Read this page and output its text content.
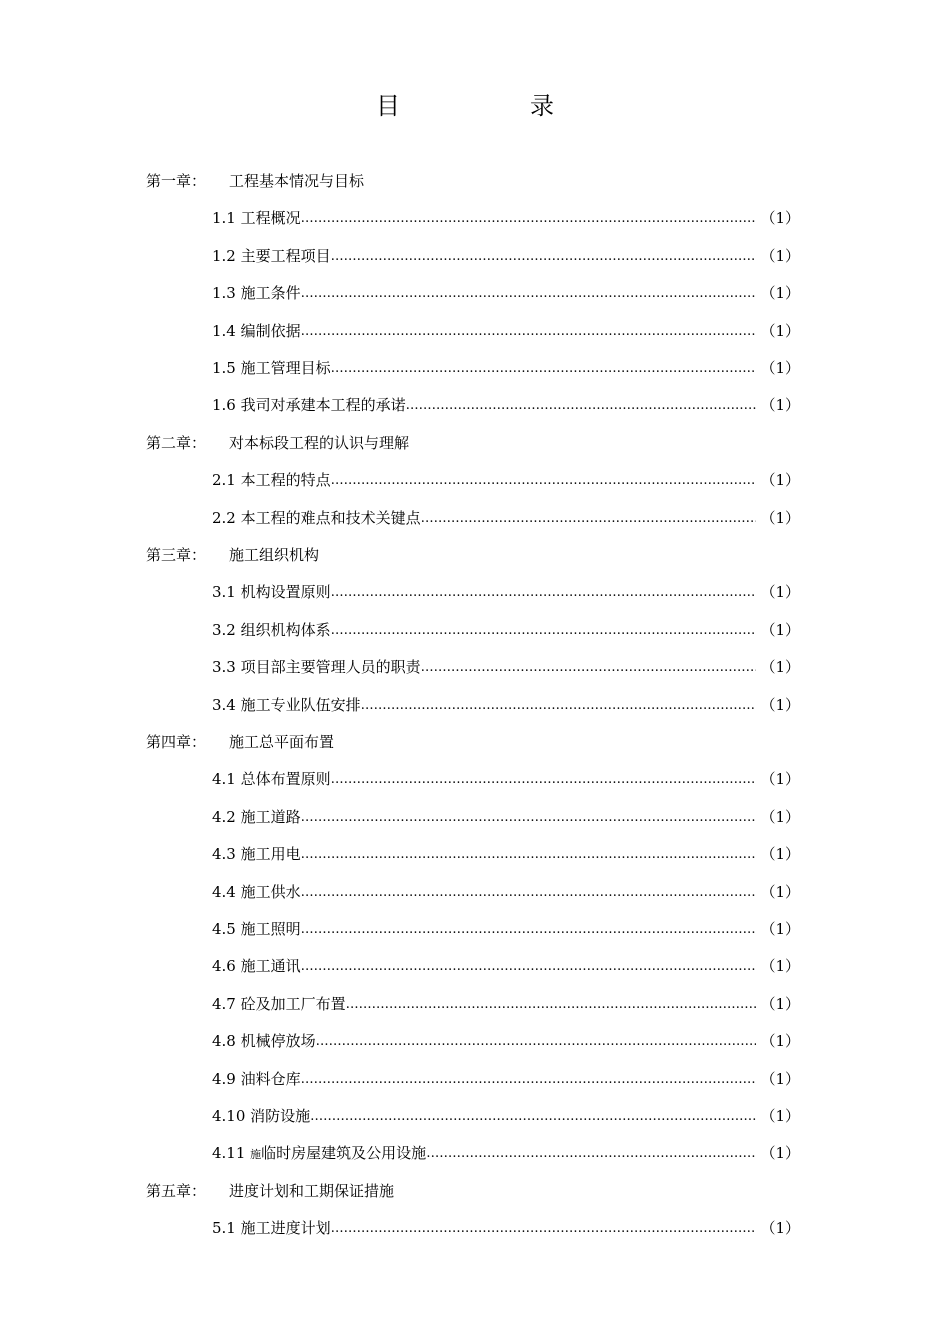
目	录
第一章： 工程基本情况与目标
1.1 工程概况 …………………………………………………………………………………………………………………………………………………………………	（1）
1.2 主要工程项目 …………………………………………………………………………………………………………………………………………………………………	（1）
1.3 施工条件 …………………………………………………………………………………………………………………………………………………………………	（1）
1.4 编制依据 …………………………………………………………………………………………………………………………………………………………………	（1）
1.5 施工管理目标 …………………………………………………………………………………………………………………………………………………………………	（1）
1.6 我司对承建本工程的承诺 …………………………………………………………………………………………………………………………………………………………………	（1）
第二章： 对本标段工程的认识与理解
2.1 本工程的特点 …………………………………………………………………………………………………………………………………………………………………	（1）
2.2 本工程的难点和技术关键点 …………………………………………………………………………………………………………………………………………………………………	（1）
第三章： 施工组织机构
3.1 机构设置原则 …………………………………………………………………………………………………………………………………………………………………	（1）
3.2 组织机构体系 …………………………………………………………………………………………………………………………………………………………………	（1）
3.3 项目部主要管理人员的职责 …………………………………………………………………………………………………………………………………………………………………	（1）
3.4 施工专业队伍安排 …………………………………………………………………………………………………………………………………………………………………	（1）
第四章： 施工总平面布置
4.1 总体布置原则 …………………………………………………………………………………………………………………………………………………………………	（1）
4.2 施工道路 …………………………………………………………………………………………………………………………………………………………………	（1）
4.3 施工用电 …………………………………………………………………………………………………………………………………………………………………	（1）
4.4 施工供水 …………………………………………………………………………………………………………………………………………………………………	（1）
4.5 施工照明 …………………………………………………………………………………………………………………………………………………………………	（1）
4.6 施工通讯 …………………………………………………………………………………………………………………………………………………………………	（1）
4.7 砼及加工厂布置 …………………………………………………………………………………………………………………………………………………………………	（1）
4.8 机械停放场 …………………………………………………………………………………………………………………………………………………………………	（1）
4.9 油料仓库 …………………………………………………………………………………………………………………………………………………………………	（1）
4.10 消防设施 …………………………………………………………………………………………………………………………………………………………………	（1）
4.11 施临时房屋建筑及公用设施 …………………………………………………………………………………………………………………………………………………………………	（1）
第五章： 进度计划和工期保证措施
5.1 施工进度计划 …………………………………………………………………………………………………………………………………………………………………	（1）
